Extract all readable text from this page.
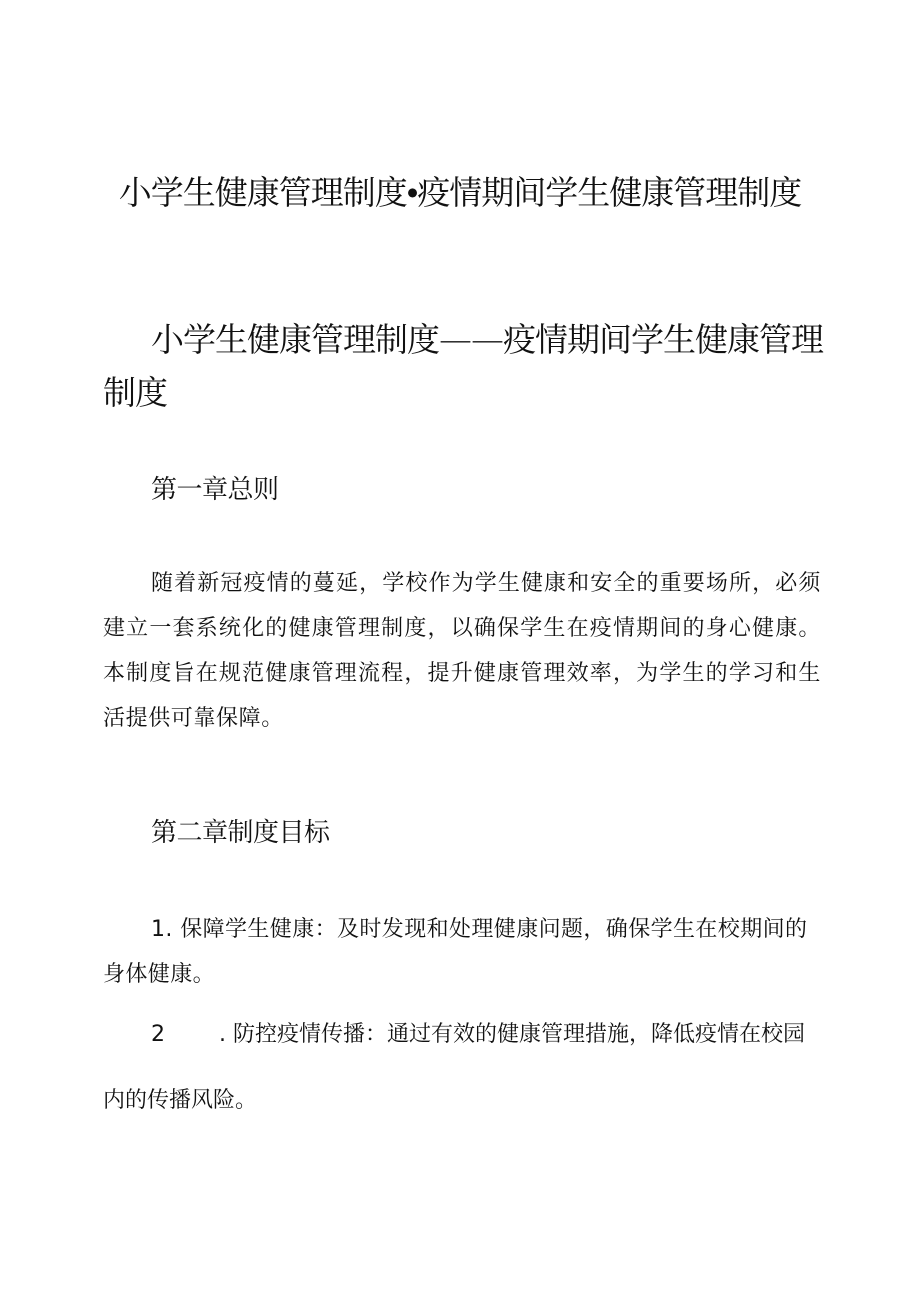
小学生健康管理制度•疫情期间学生健康管理制度
小学生健康管理制度——疫情期间学生健康管理制度
第一章总则
随着新冠疫情的蔓延，学校作为学生健康和安全的重要场所，必须建立一套系统化的健康管理制度，以确保学生在疫情期间的身心健康。本制度旨在规范健康管理流程，提升健康管理效率，为学生的学习和生活提供可靠保障。
第二章制度目标
1. 保障学生健康：及时发现和处理健康问题，确保学生在校期间的身体健康。
2 . 防控疫情传播：通过有效的健康管理措施，降低疫情在校园内的传播风险。
